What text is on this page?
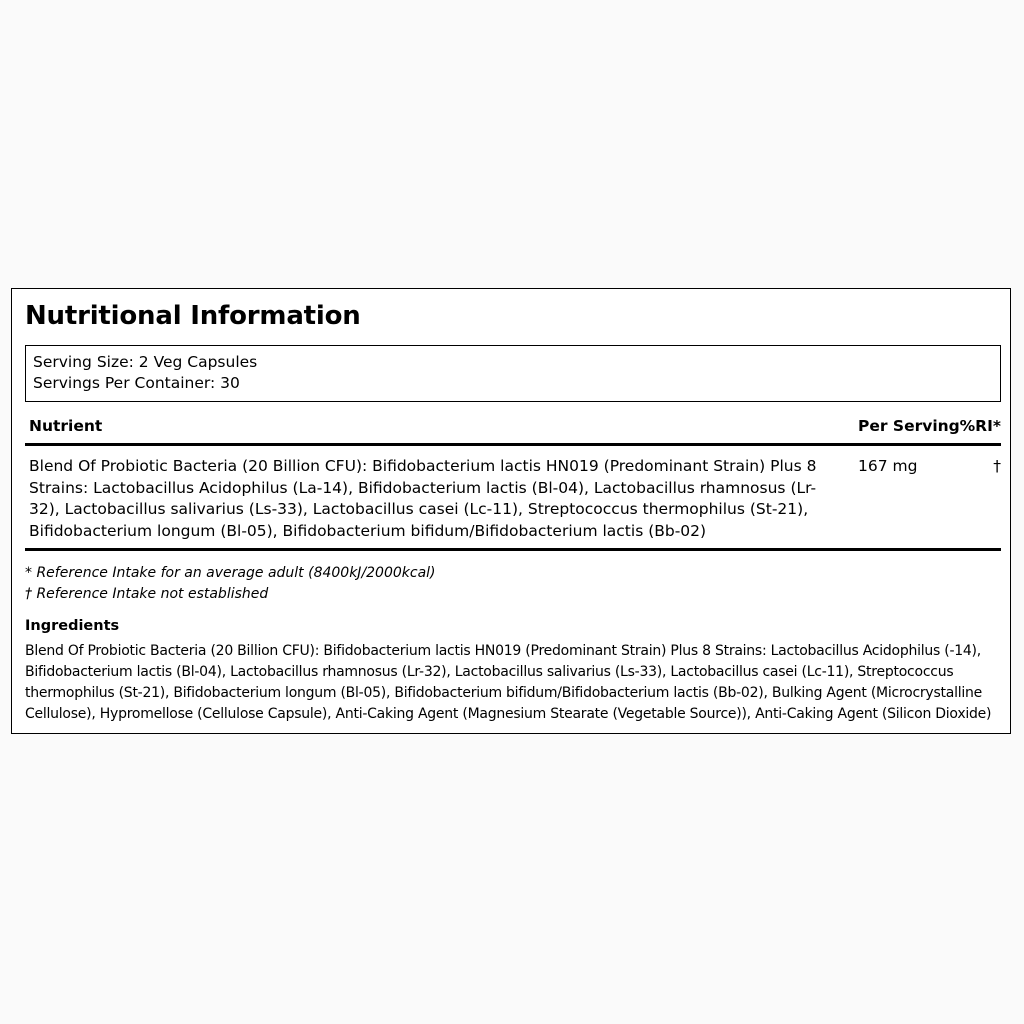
Nutritional Information
Serving Size: 2 Veg Capsules
Servings Per Container: 30
Nutrient	Per Serving %RI*
Blend Of Probiotic Bacteria (20 Billion CFU): Bifidobacterium lactis HN019 (Predominant Strain) Plus 8 Strains: Lactobacillus Acidophilus (La-14), Bifidobacterium lactis (Bl-04), Lactobacillus rhamnosus (Lr-32), Lactobacillus salivarius (Ls-33), Lactobacillus casei (Lc-11), Streptococcus thermophilus (St-21), Bifidobacterium longum (Bl-05), Bifidobacterium bifidum/Bifidobacterium lactis (Bb-02)
167 mg	†
* Reference Intake for an average adult (8400kJ/2000kcal)
† Reference Intake not established
Ingredients
Blend Of Probiotic Bacteria (20 Billion CFU): Bifidobacterium lactis HN019 (Predominant Strain) Plus 8 Strains: Lactobacillus Acidophilus (-14), Bifidobacterium lactis (Bl-04), Lactobacillus rhamnosus (Lr-32), Lactobacillus salivarius (Ls-33), Lactobacillus casei (Lc-11), Streptococcus thermophilus (St-21), Bifidobacterium longum (Bl-05), Bifidobacterium bifidum/Bifidobacterium lactis (Bb-02), Bulking Agent (Microcrystalline Cellulose), Hypromellose (Cellulose Capsule), Anti-Caking Agent (Magnesium Stearate (Vegetable Source)), Anti-Caking Agent (Silicon Dioxide)
